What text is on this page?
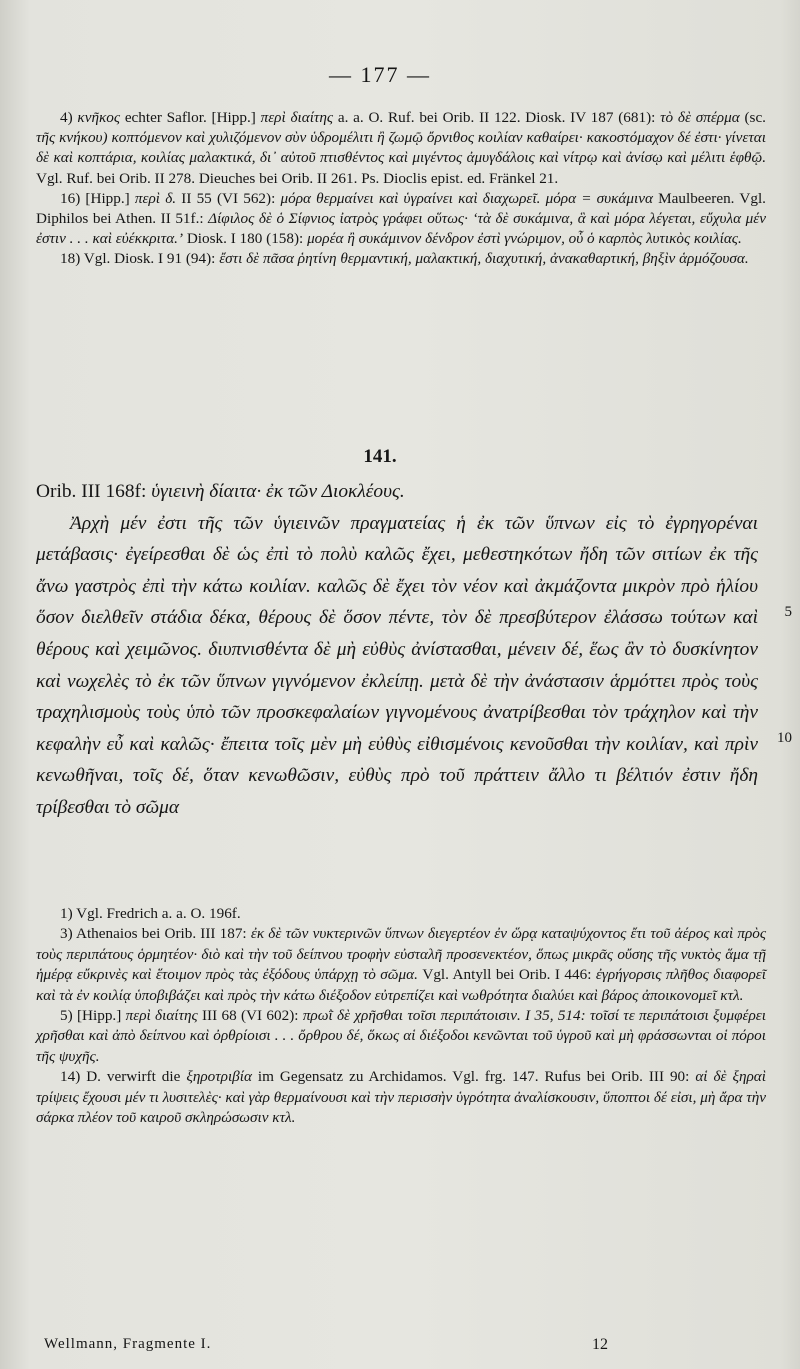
— 177 —

4) κνῆκος echter Saflor. [Hipp.] περὶ διαίτης a. a. O. Ruf. bei Orib. II 122. Diosk. IV 187 (681): τὸ δὲ σπέρμα (sc. τῆς κνήκου) κοπτόμενον καὶ χυλιζόμενον σὺν ὑδρομέλιτι ἢ ζωμῷ ὄρνιθος κοιλίαν καθαίρει· κακοστόμαχον δέ ἐστι· γίνεται δὲ καὶ κοπτάρια, κοιλίας μαλακτικά, δι᾽ αὐτοῦ πτισθέντος καὶ μιγέντος ἀμυγδάλοις καὶ νίτρῳ καὶ ἀνίσῳ καὶ μέλιτι ἑφθῷ. Vgl. Ruf. bei Orib. II 278. Dieuches bei Orib. II 261. Ps. Dioclis epist. ed. Fränkel 21.

16) [Hipp.] περὶ δ. II 55 (VI 562): μόρα θερμαίνει καὶ ὑγραίνει καὶ διαχωρεῖ. μόρα = συκάμινα Maulbeeren. Vgl. Diphilos bei Athen. II 51f.: Δίφιλος δὲ ὁ Σίφνιος ἰατρὸς γράφει οὕτως· ‘τὰ δὲ συκάμινα, ἃ καὶ μόρα λέγεται, εὔχυλα μέν ἐστιν . . . καὶ εὐέκκριτα.’ Diosk. I 180 (158): μορέα ἢ συκάμινον δένδρον ἐστὶ γνώριμον, οὗ ὁ καρπὸς λυτικὸς κοιλίας.

18) Vgl. Diosk. I 91 (94): ἔστι δὲ πᾶσα ῥητίνη θερμαντική, μαλακτική, διαχυτική, ἀνακαθαρτική, βηξὶν ἁρμόζουσα.

141.

Orib. III 168f: ὑγιεινὴ δίαιτα· ἐκ τῶν Διοκλέους.

Ἀρχὴ μέν ἐστι τῆς τῶν ὑγιεινῶν πραγματείας ἡ ἐκ τῶν ὕπνων εἰς τὸ ἐγρηγορέναι μετάβασις· ἐγείρεσθαι δὲ ὡς ἐπὶ τὸ πολὺ καλῶς ἔχει, μεθεστηκότων ἤδη τῶν σιτίων ἐκ τῆς ἄνω γαστρὸς ἐπὶ τὴν κάτω κοιλίαν. καλῶς δὲ ἔχει τὸν νέον καὶ ἀκμάζοντα μικρὸν πρὸ ἡλίου ὅσον διελθεῖν στάδια δέκα, θέρους δὲ ὅσον πέντε, τὸν δὲ πρεσβύτερον ἐλάσσω τούτων καὶ θέρους καὶ χειμῶνος. διυπνισθέντα δὲ μὴ εὐθὺς ἀνίστασθαι, μένειν δέ, ἕως ἂν τὸ δυσκίνητον καὶ νωχελὲς τὸ ἐκ τῶν ὕπνων γιγνόμενον ἐκλείπῃ. μετὰ δὲ τὴν ἀνάστασιν ἁρμόττει πρὸς τοὺς τραχηλισμοὺς τοὺς ὑπὸ τῶν προσκεφαλαίων γιγνομένους ἀνατρίβεσθαι τὸν τράχηλον καὶ τὴν κεφαλὴν εὖ καὶ καλῶς· ἔπειτα τοῖς μὲν μὴ εὐθὺς εἰθισμένοις κενοῦσθαι τὴν κοιλίαν, καὶ πρὶν κενωθῆναι, τοῖς δέ, ὅταν κενωθῶσιν, εὐθὺς πρὸ τοῦ πράττειν ἄλλο τι βέλτιόν ἐστιν ἤδη τρίβεσθαι τὸ σῶμα

5
10

1) Vgl. Fredrich a. a. O. 196f.

3) Athenaios bei Orib. III 187: ἐκ δὲ τῶν νυκτερινῶν ὕπνων διεγερτέον ἐν ὥρᾳ καταψύχοντος ἔτι τοῦ ἀέρος καὶ πρὸς τοὺς περιπάτους ὁρμητέον· διὸ καὶ τὴν τοῦ δείπνου τροφὴν εὐσταλῆ προσενεκτέον, ὅπως μικρᾶς οὔσης τῆς νυκτὸς ἅμα τῇ ἡμέρᾳ εὔκρινὲς καὶ ἕτοιμον πρὸς τὰς ἐξόδους ὑπάρχῃ τὸ σῶμα. Vgl. Antyll bei Orib. I 446: ἐγρήγορσις πλῆθος διαφορεῖ καὶ τὰ ἐν κοιλίᾳ ὑποβιβάζει καὶ πρὸς τὴν κάτω διέξοδον εὐτρεπίζει καὶ νωθρότητα διαλύει καὶ βάρος ἀποικονομεῖ κτλ.

5) [Hipp.] περὶ διαίτης III 68 (VI 602): πρωῒ δὲ χρῆσθαι τοῖσι περιπάτοισιν. I 35, 514: τοῖσί τε περιπάτοισι ξυμφέρει χρῆσθαι καὶ ἀπὸ δείπνου καὶ ὀρθρίοισι . . . ὄρθρου δέ, ὅκως αἱ διέξοδοι κενῶνται τοῦ ὑγροῦ καὶ μὴ φράσσωνται οἱ πόροι τῆς ψυχῆς.

14) D. verwirft die ξηροτριβία im Gegensatz zu Archidamos. Vgl. frg. 147. Rufus bei Orib. III 90: αἱ δὲ ξηραὶ τρίψεις ἔχουσι μέν τι λυσιτελὲς· καὶ γὰρ θερμαίνουσι καὶ τὴν περισσὴν ὑγρότητα ἀναλίσκουσιν, ὕποπτοι δέ εἰσι, μὴ ἄρα τὴν σάρκα πλέον τοῦ καιροῦ σκληρώσωσιν κτλ.

Wellmann, Fragmente I.	12
